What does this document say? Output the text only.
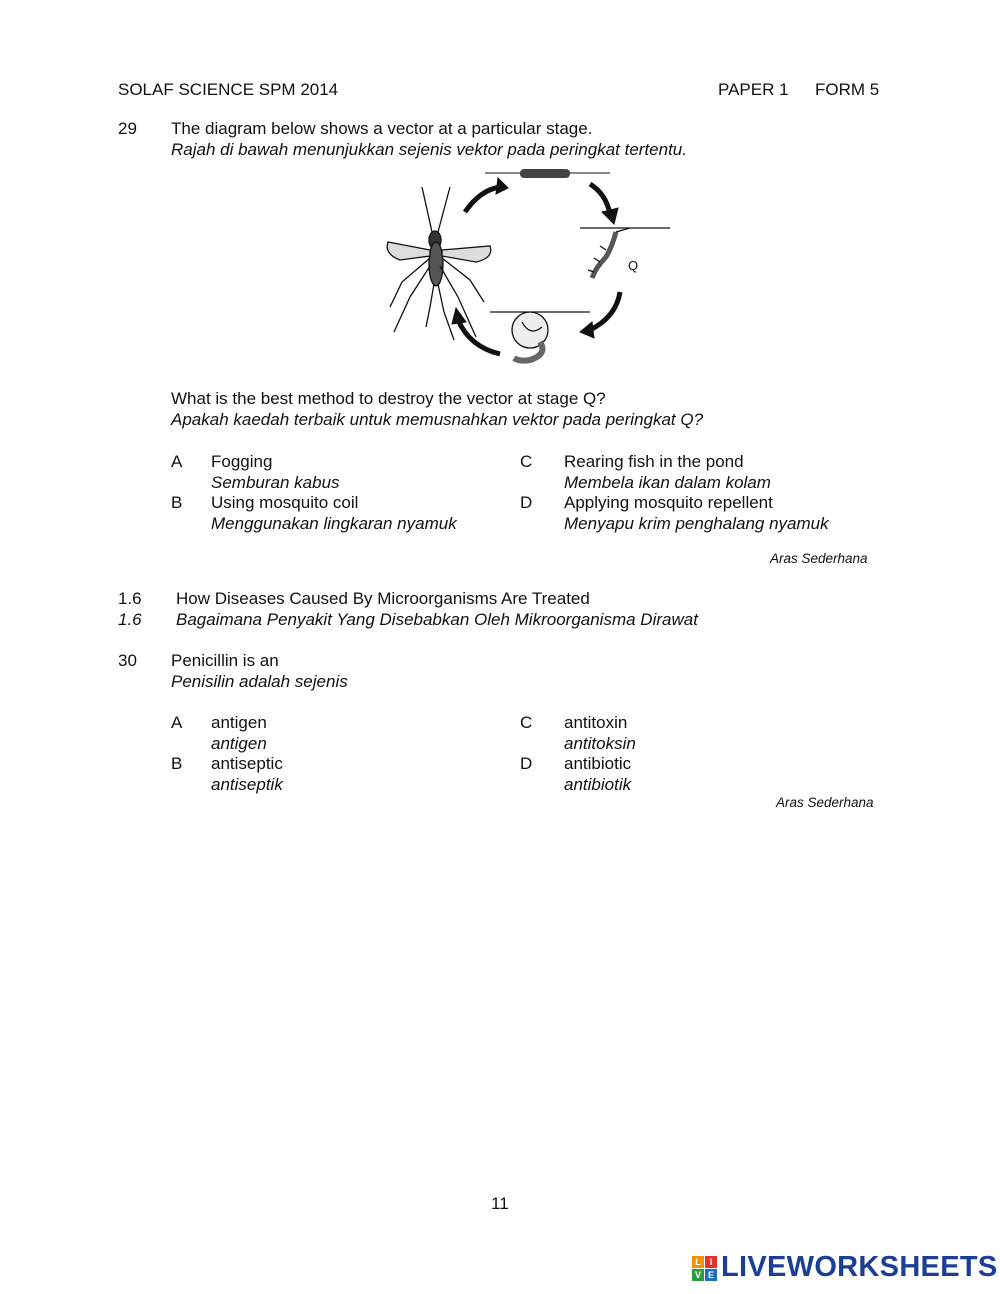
SOLAF SCIENCE SPM 2014	PAPER 1 FORM 5
29 The diagram below shows a vector at a particular stage.
Rajah di bawah menunjukkan sejenis vektor pada peringkat tertentu.
Q
What is the best method to destroy the vector at stage Q?
Apakah kaedah terbaik untuk memusnahkan vektor pada peringkat Q?
A Fogging
Semburan kabus
B Using mosquito coil
Menggunakan lingkaran nyamuk
C Rearing fish in the pond
Membela ikan dalam kolam
D Applying mosquito repellent
Menyapu krim penghalang nyamuk
Aras Sederhana
1.6 How Diseases Caused By Microorganisms Are Treated
1.6 Bagaimana Penyakit Yang Disebabkan Oleh Mikroorganisma Dirawat
30 Penicillin is an
Penisilin adalah sejenis
A antigen
antigen
B antiseptic
antiseptik
C antitoxin
antitoksin
D antibiotic
antibiotik
Aras Sederhana
11
L I
V E LIVEWORKSHEETS
